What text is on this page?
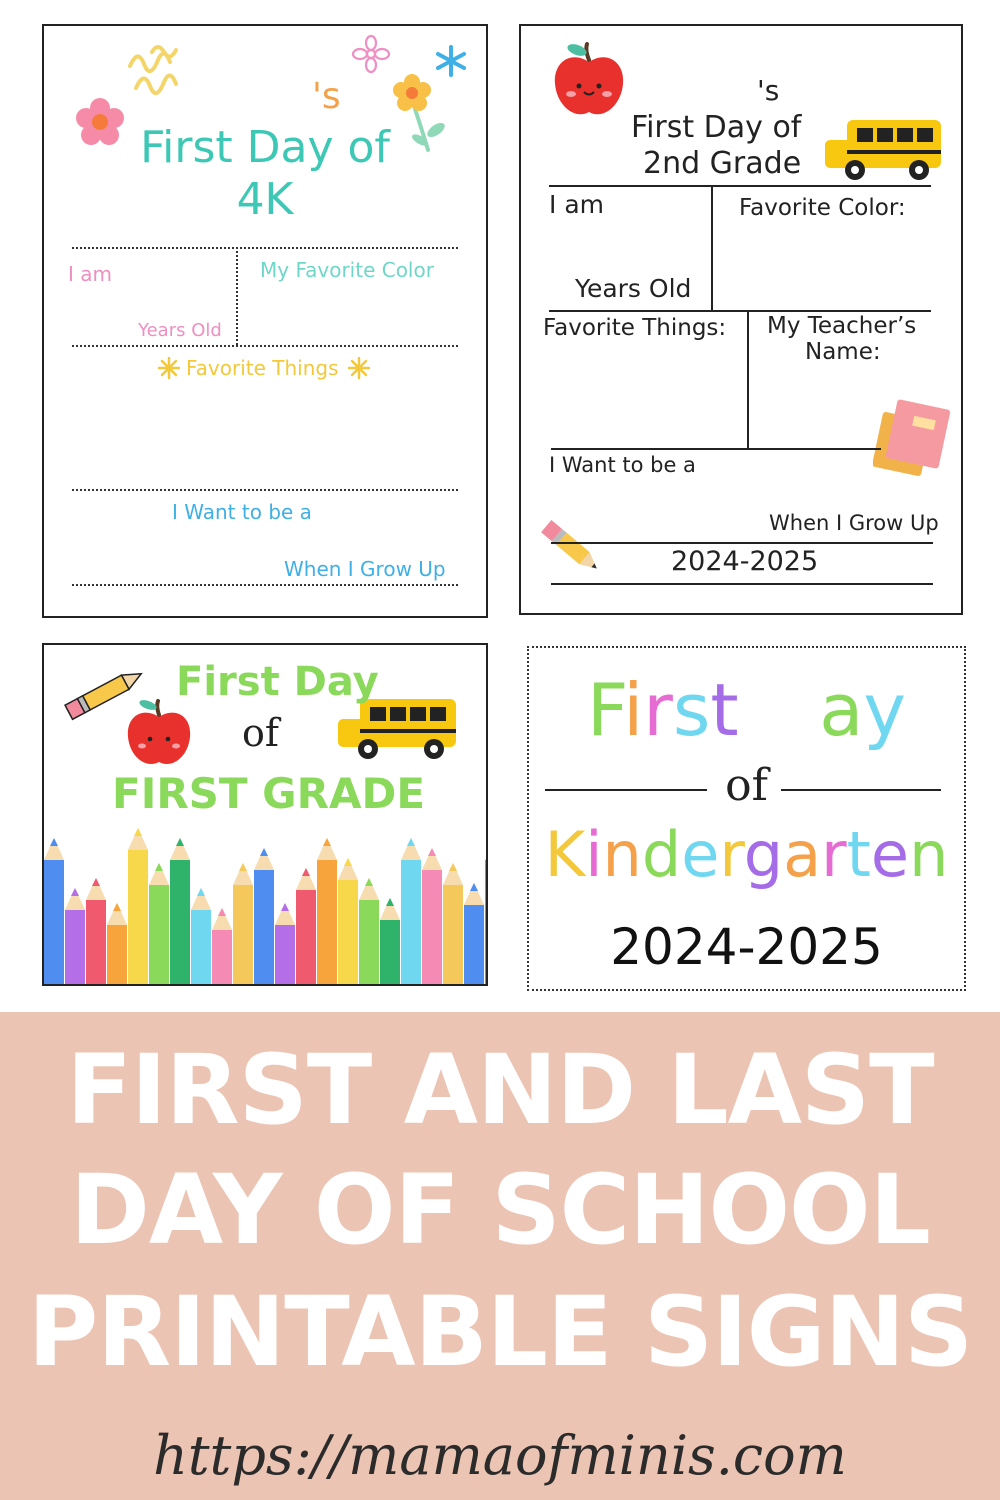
's
First Day of
4K
I am
Years Old
My Favorite Color
Favorite Things
I Want to be a
When I Grow Up
's
First Day of
2nd Grade
I am
Years Old
Favorite Color:
Favorite Things: My Teacher’s
Name:
I Want to be a
When I Grow Up
2024-2025
First Day
of
FIRST GRADE
First Day
of
Kindergarten
2024-2025
FIRST AND LAST
DAY OF SCHOOL
PRINTABLE SIGNS
https://mamaofminis.com
